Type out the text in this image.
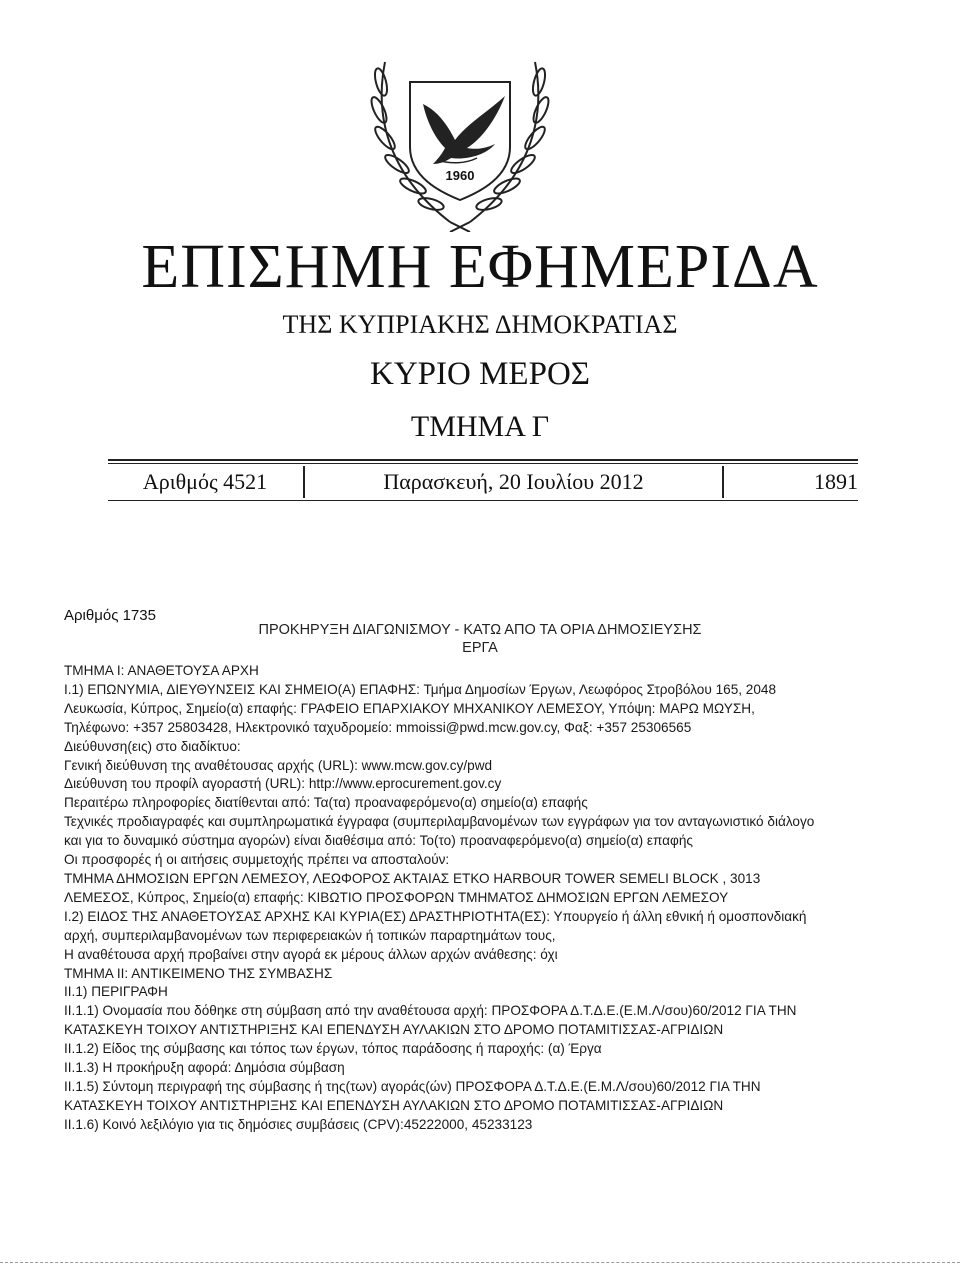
1960
ΕΠΙΣΗΜΗ ΕΦΗΜΕΡΙΔΑ
ΤΗΣ ΚΥΠΡΙΑΚΗΣ ΔΗΜΟΚΡΑΤΙΑΣ
ΚΥΡΙΟ ΜΕΡΟΣ
ΤΜΗΜΑ Γ
Αριθμός 4521	Παρασκευή, 20 Ιουλίου 2012	1891
Αριθμός 1735
ΠΡΟΚΗΡΥΞΗ ΔΙΑΓΩΝΙΣΜΟΥ - ΚΑΤΩ ΑΠΟ ΤΑ ΟΡΙΑ ΔΗΜΟΣΙΕΥΣΗΣ
ΕΡΓΑ

ΤΜΗΜΑ Ι: ΑΝΑΘΕΤΟΥΣΑ ΑΡΧΗ

Ι.1) ΕΠΩΝΥΜΙΑ, ΔΙΕΥΘΥΝΣΕΙΣ ΚΑΙ ΣΗΜΕΙΟ(Α) ΕΠΑΦΗΣ: Τμήμα Δημοσίων Έργων, Λεωφόρος Στροβόλου 165, 2048

Λευκωσία, Κύπρος, Σημείο(α) επαφής: ΓΡΑΦΕΙΟ ΕΠΑΡΧΙΑΚΟΥ ΜΗΧΑΝΙΚΟΥ ΛΕΜΕΣΟΥ, Υπόψη: ΜΑΡΩ ΜΩΥΣΗ,

Τηλέφωνο: +357 25803428, Ηλεκτρονικό ταχυδρομείο: mmoissi@pwd.mcw.gov.cy, Φαξ: +357 25306565

Διεύθυνση(εις) στο διαδίκτυο:

Γενική διεύθυνση της αναθέτουσας αρχής (URL): www.mcw.gov.cy/pwd

Διεύθυνση του προφίλ αγοραστή (URL): http://www.eprocurement.gov.cy

Περαιτέρω πληροφορίες διατίθενται από: Τα(τα) προαναφερόμενο(α) σημείο(α) επαφής

Τεχνικές προδιαγραφές και συμπληρωματικά έγγραφα (συμπεριλαμβανομένων των εγγράφων για τον ανταγωνιστικό διάλογο

και για το δυναμικό σύστημα αγορών) είναι διαθέσιμα από: Το(το) προαναφερόμενο(α) σημείο(α) επαφής

Οι προσφορές ή οι αιτήσεις συμμετοχής πρέπει να αποσταλούν:

ΤΜΗΜΑ ΔΗΜΟΣΙΩΝ ΕΡΓΩΝ ΛΕΜΕΣΟΥ, ΛΕΩΦΟΡΟΣ ΑΚΤΑΙΑΣ ΕΤΚΟ HARBOUR TOWER SEMELI BLOCK , 3013

ΛΕΜΕΣΟΣ, Κύπρος, Σημείο(α) επαφής: ΚΙΒΩΤΙΟ ΠΡΟΣΦΟΡΩΝ ΤΜΗΜΑΤΟΣ ΔΗΜΟΣΙΩΝ ΕΡΓΩΝ ΛΕΜΕΣΟΥ

Ι.2) ΕΙΔΟΣ ΤΗΣ ΑΝΑΘΕΤΟΥΣΑΣ ΑΡΧΗΣ ΚΑΙ ΚΥΡΙΑ(ΕΣ) ΔΡΑΣΤΗΡΙΟΤΗΤΑ(ΕΣ): Υπουργείο ή άλλη εθνική ή ομοσπονδιακή

αρχή, συμπεριλαμβανομένων των περιφερειακών ή τοπικών παραρτημάτων τους,

Η αναθέτουσα αρχή προβαίνει στην αγορά εκ μέρους άλλων αρχών ανάθεσης: όχι

ΤΜΗΜΑ ΙΙ: ΑΝΤΙΚΕΙΜΕΝΟ ΤΗΣ ΣΥΜΒΑΣΗΣ

ΙΙ.1) ΠΕΡΙΓΡΑΦΗ

ΙΙ.1.1) Ονομασία που δόθηκε στη σύμβαση από την αναθέτουσα αρχή: ΠΡΟΣΦΟΡΑ Δ.Τ.Δ.Ε.(Ε.Μ.Λ/σου)60/2012 ΓΙΑ ΤΗΝ

ΚΑΤΑΣΚΕΥΗ ΤΟΙΧΟΥ ΑΝΤΙΣΤΗΡΙΞΗΣ ΚΑΙ ΕΠΕΝΔΥΣΗ ΑΥΛΑΚΙΩΝ ΣΤΟ ΔΡΟΜΟ ΠΟΤΑΜΙΤΙΣΣΑΣ-ΑΓΡΙΔΙΩΝ

ΙΙ.1.2) Είδος της σύμβασης και τόπος των έργων, τόπος παράδοσης ή παροχής: (α) Έργα

ΙΙ.1.3) Η προκήρυξη αφορά: Δημόσια σύμβαση

ΙΙ.1.5) Σύντομη περιγραφή της σύμβασης ή της(των) αγοράς(ών) ΠΡΟΣΦΟΡΑ Δ.Τ.Δ.Ε.(Ε.Μ.Λ/σου)60/2012 ΓΙΑ ΤΗΝ

ΚΑΤΑΣΚΕΥΗ ΤΟΙΧΟΥ ΑΝΤΙΣΤΗΡΙΞΗΣ ΚΑΙ ΕΠΕΝΔΥΣΗ ΑΥΛΑΚΙΩΝ ΣΤΟ ΔΡΟΜΟ ΠΟΤΑΜΙΤΙΣΣΑΣ-ΑΓΡΙΔΙΩΝ

ΙΙ.1.6) Κοινό λεξιλόγιο για τις δημόσιες συμβάσεις (CPV):45222000, 45233123
